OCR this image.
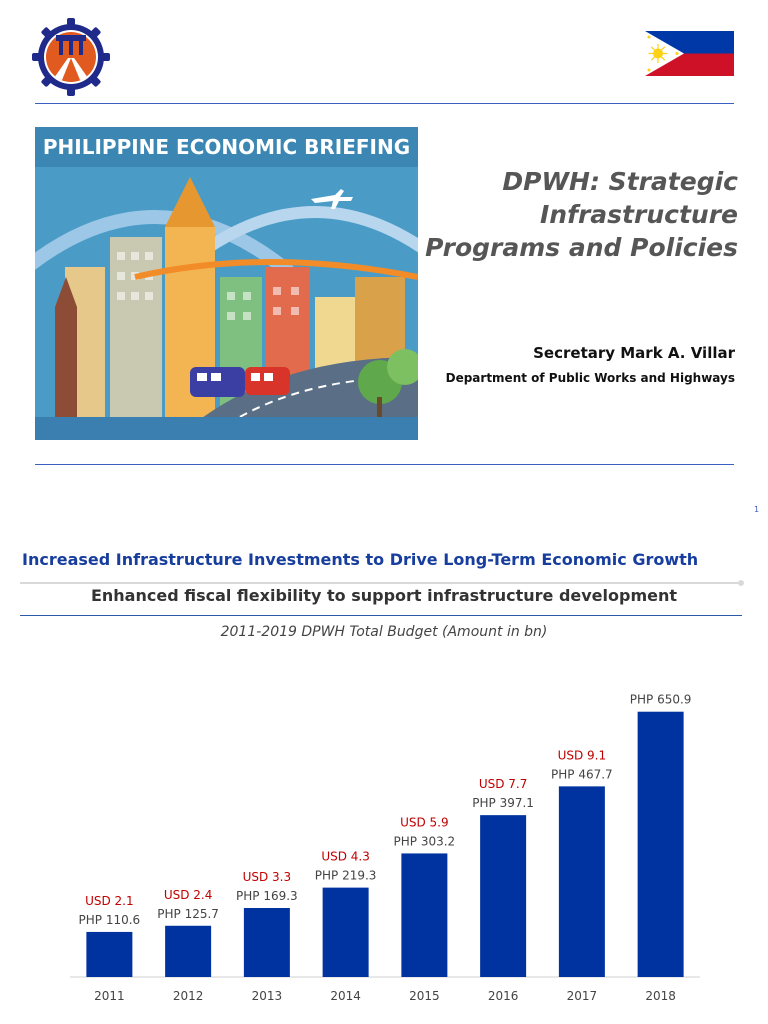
PHILIPPINE ECONOMIC BRIEFING
DPWH: Strategic
Infrastructure
Programs and Policies
Secretary Mark A. Villar
Department of Public Works and Highways
1
Increased Infrastructure Investments to Drive Long-Term Economic Growth
Enhanced fiscal flexibility to support infrastructure development
2011-2019 DPWH Total Budget (Amount in bn)
PHP 110.6
USD 2.1
2011
PHP 125.7
USD 2.4
2012
PHP 169.3
USD 3.3
2013
PHP 219.3
USD 4.3
2014
PHP 303.2
USD 5.9
2015
PHP 397.1
USD 7.7
2016
PHP 467.7
USD 9.1
2017
PHP 650.9
2018
